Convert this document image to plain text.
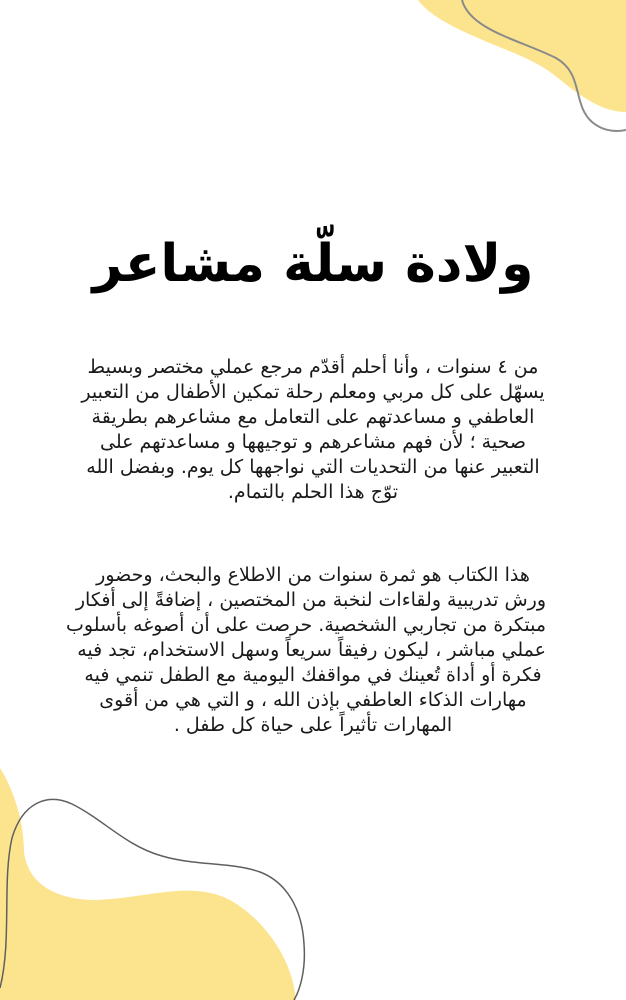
ولادة سلّة مشاعر
من ٤ سنوات ، وأنا أحلم أقدّم مرجع عملي مختصر وبسيط
يسهّل على كل مربي ومعلم رحلة تمكين الأطفال من التعبير
العاطفي و مساعدتهم على التعامل مع مشاعرهم بطريقة
صحية ؛ لأن فهم مشاعرهم و توجيهها و مساعدتهم على
التعبير عنها من التحديات التي نواجهها كل يوم. وبفضل الله
توّج هذا الحلم بالتمام.
هذا الكتاب هو ثمرة سنوات من الاطلاع والبحث، وحضور
ورش تدريبية ولقاءات لنخبة من المختصين ، إضافةً إلى أفكار
مبتكرة من تجاربي الشخصية. حرصت على أن أصوغه بأسلوب
عملي مباشر ، ليكون رفيقاً سريعاً وسهل الاستخدام، تجد فيه
فكرة أو أداة تُعينك في مواقفك اليومية مع الطفل تنمي فيه
مهارات الذكاء العاطفي بإذن الله ، و التي هي من أقوى
المهارات تأثيراً على حياة كل طفل .
